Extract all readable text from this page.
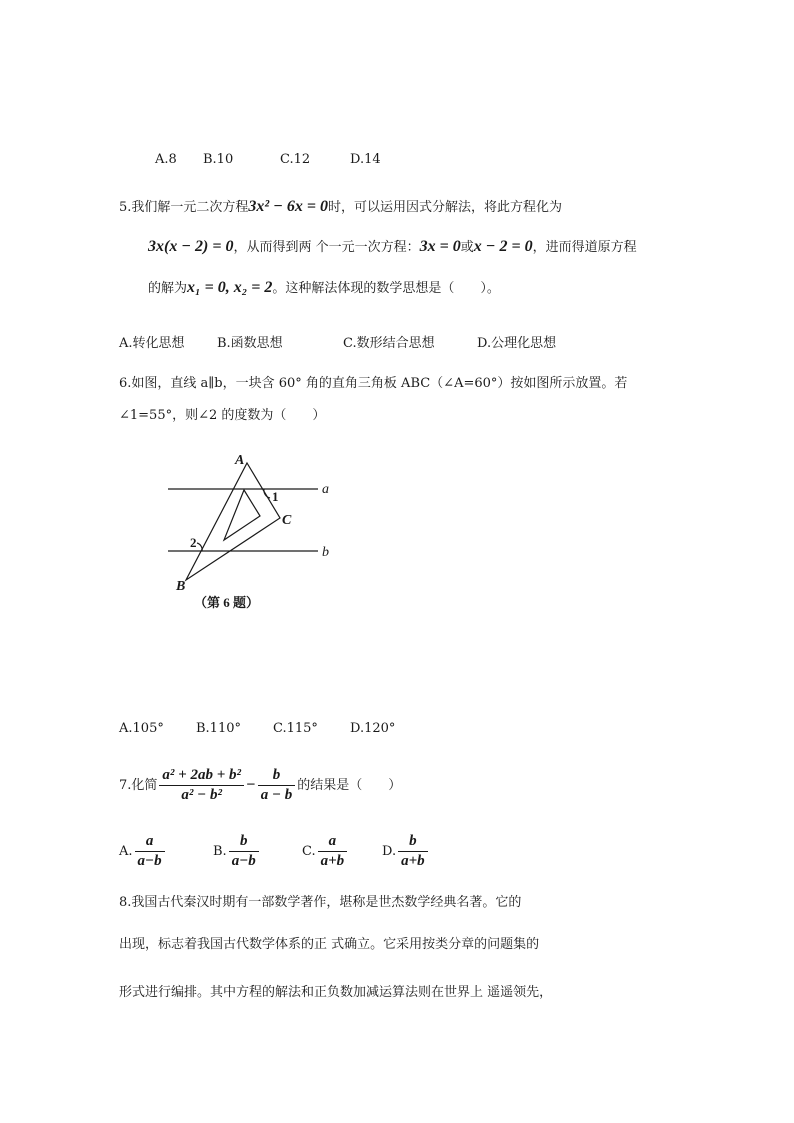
A.8 B.10	C.12	D.14
5.我们解一元二次方程3x² − 6x = 0时，可以运用因式分解法，将此方程化为
3x(x − 2) = 0，从而得到两 个一元一次方程：3x = 0或x − 2 = 0，进而得道原方程
的解为x₁ = 0, x₂ = 2。这种解法体现的数学思想是（　　）。
A.转化思想 B.函数思想	C.数形结合思想	D.公理化思想
6.如图，直线 a∥b，一块含 60° 角的直角三角板 ABC（∠A=60°）按如图所示放置。若
∠1=55°，则∠2 的度数为（　　）
A
1
C
a
2
b
B
（第 6 题）
A.105° B.110° C.115° D.120°
7.化简 $\frac{\text{a² + 2ab + b²}}{\text{a² − b²}} - \frac{b}{a - b}$ 的结果是（　　）
A. $\frac{a}{a-b}$	B. $\frac{b}{a-b}$	C. $\frac{a}{a+b}$	D. $\frac{b}{a+b}$
8.我国古代秦汉时期有一部数学著作，堪称是世杰数学经典名著。它的
出现，标志着我国古代数学体系的正 式确立。它采用按类分章的问题集的
形式进行编排。其中方程的解法和正负数加减运算法则在世界上 遥遥领先，
